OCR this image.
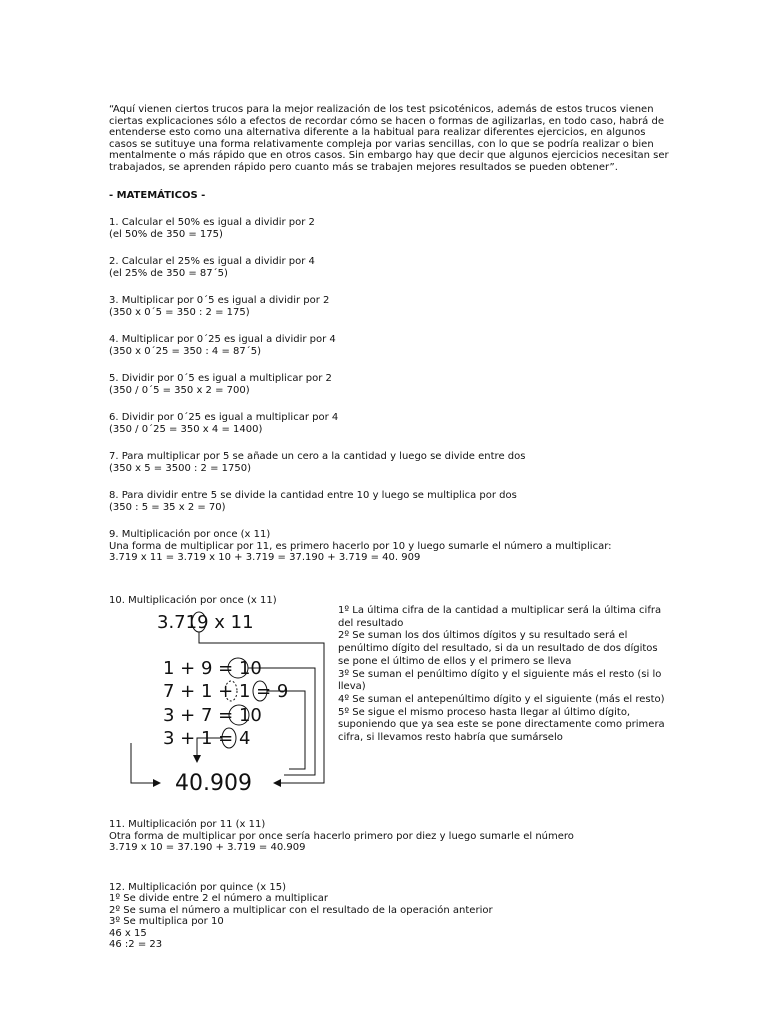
“Aquí vienen ciertos trucos para la mejor realización de los test psicoténicos, además de estos trucos vienen ciertas explicaciones sólo a efectos de recordar cómo se hacen o formas de agilizarlas, en todo caso, habrá de entenderse esto como una alternativa diferente a la habitual para realizar diferentes ejercicios, en algunos casos se sutituye una forma relativamente compleja por varias sencillas, con lo que se podría realizar o bien mentalmente o más rápido que en otros casos. Sin embargo hay que decir que algunos ejercicios necesitan ser trabajados, se aprenden rápido pero cuanto más se trabajen mejores resultados se pueden obtener”.

- MATEMÁTICOS -

1. Calcular el 50% es igual a dividir por 2

(el 50% de 350 = 175)

2. Calcular el 25% es igual a dividir por 4

(el 25% de 350 = 87´5)

3. Multiplicar por 0´5 es igual a dividir por 2

(350 x 0´5 = 350 : 2 = 175)

4. Multiplicar por 0´25 es igual a dividir por 4

(350 x 0´25 = 350 : 4 = 87´5)

5. Dividir por 0´5 es igual a multiplicar por 2

(350 / 0´5 = 350 x 2 = 700)

6. Dividir por 0´25 es igual a multiplicar por 4

(350 / 0´25 = 350 x 4 = 1400)

7. Para multiplicar por 5 se añade un cero a la cantidad y luego se divide entre dos

(350 x 5 = 3500 : 2 = 1750)

8. Para dividir entre 5 se divide la cantidad entre 10 y luego se multiplica por dos

(350 : 5 = 35 x 2 = 70)

9. Multiplicación por once (x 11)

Una forma de multiplicar por 11, es primero hacerlo por 10 y luego sumarle el número a multiplicar:

3.719 x 11 = 3.719 x 10 + 3.719 = 37.190 + 3.719 = 40. 909

10. Multiplicación por once (x 11)

3.719 x 11
1 + 9 = 10
7 + 1 + 1 = 9
3 + 7 = 10
3 + 1 = 4
40.909

1º La última cifra de la cantidad a multiplicar será la última cifra del resultado

2º Se suman los dos últimos dígitos y su resultado será el penúltimo dígito del resultado, si da un resultado de dos dígitos se pone el último de ellos y el primero se lleva

3º Se suman el penúltimo dígito y el siguiente más el resto (si lo lleva)

4º Se suman el antepenúltimo dígito y el siguiente (más el resto)

5º Se sigue el mismo proceso hasta llegar al último dígito, suponiendo que ya sea este se pone directamente como primera cifra, si llevamos resto habría que sumárselo

11. Multiplicación por 11 (x 11)

Otra forma de multiplicar por once sería hacerlo primero por diez y luego sumarle el número

3.719 x 10 = 37.190 + 3.719 = 40.909

12. Multiplicación por quince (x 15)

1º Se divide entre 2 el número a multiplicar

2º Se suma el número a multiplicar con el resultado de la operación anterior

3º Se multiplica por 10

46 x 15

46 :2 = 23
